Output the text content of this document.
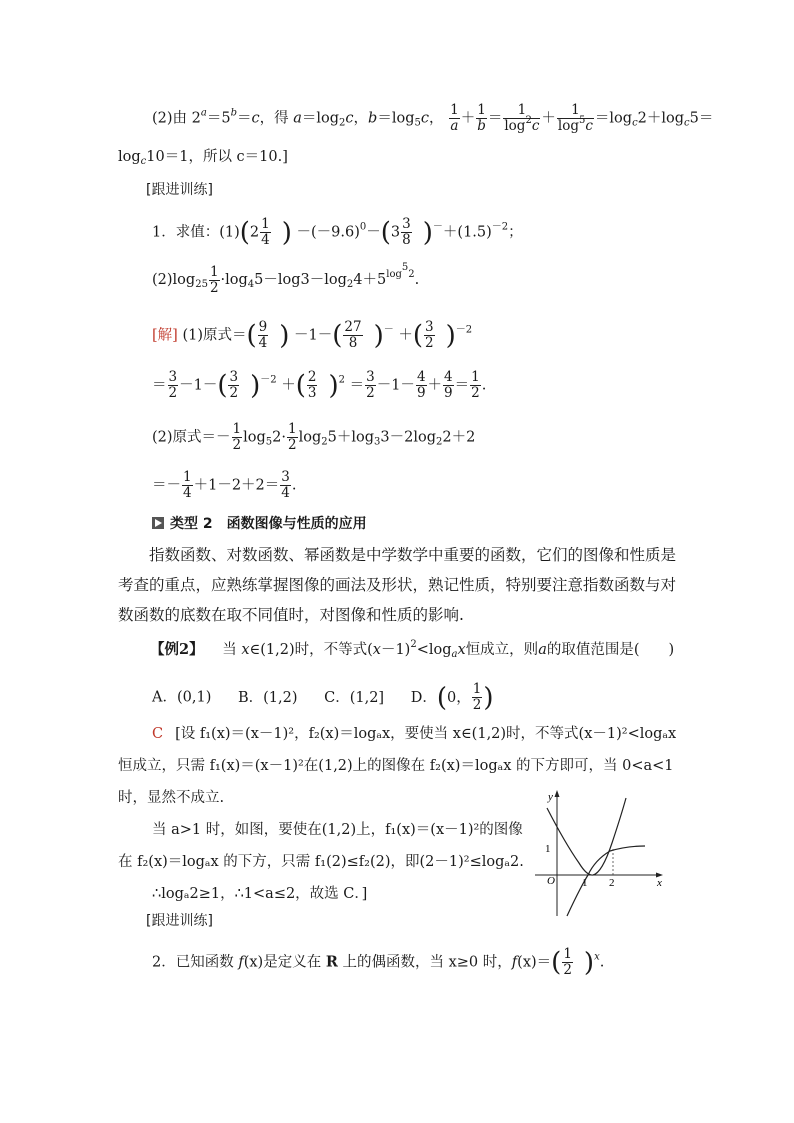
(2)由 $2^a=5^b=c$，得 $a=\log_2c$，$b=\log_5c$， $\frac{1}{a} + \frac{1}{b} = \frac{1}{\log^2c} + \frac{1}{\log^5c} =\log_c2+\log_c5=$
$\log_c10=1$，所以 c＝10.]
[跟进训练]
1．求值：$(1)(2 \frac{1}{4}$ ) $-(-9.6)^0-(3 \frac{3}{8} )^-+(1.5)^{-2}$；
$(2)\log_{25} \frac{1}{2} \cdot\log_45-\log 3-\log_24+5^{log^52}$.
[解] (1)原式＝( $\frac{9}{4}$ ) $-1-( \frac{27}{8} )^-$ ＋( $\frac{3}{2} )^{-2}$
＝ $\frac{3}{2} -1-( \frac{3}{2} )^{-2}$ ＋( $\frac{2}{3} )^2 = \frac{3}{2} -1- \frac{4}{9} + \frac{4}{9} = \frac{1}{2}$ .
(2)原式＝－ $\frac{1}{2} \log_52\cdot \frac{1}{2} \log_25+\log_33-2\log_22+2$
＝－ $\frac{1}{4} +1-2+2= \frac{3}{4}$ .
类型 2　函数图像与性质的应用
指数函数、对数函数、幂函数是中学数学中重要的函数，它们的图像和性质是考查的重点，应熟练掌握图像的画法及形状，熟记性质，特别要注意指数函数与对数函数的底数在取不同值时，对图像和性质的影响.
【例2】 当 x∈(1,2)时，不等式$(x-1)^2<\log_ax$恒成立，则a的取值范围是(　　)
A．(0,1) B．(1,2) C．(1,2] D．(0， $\frac{1}{2}$ )
C [设 f₁(x)＝(x－1)²，f₂(x)＝logₐx，要使当 x∈(1,2)时，不等式(x－1)²<logₐx
恒成立，只需 f₁(x)＝(x－1)²在(1,2)上的图像在 f₂(x)＝logₐx 的下方即可，当 0<a<1
时，显然不成立.
当 a>1 时，如图，要使在(1,2)上，f₁(x)＝(x－1)²的图像
在 f₂(x)＝logₐx 的下方，只需 f₁(2)≤f₂(2)，即(2－1)²≤logₐ2.
∴logₐ2≥1，∴1<a≤2，故选 C．]
y
x
O 1 2
1
[跟进训练]
2．已知函数 f(x)是定义在 R 上的偶函数，当 x≥0 时，$f(x)=( \frac{1}{2} )^x$.
